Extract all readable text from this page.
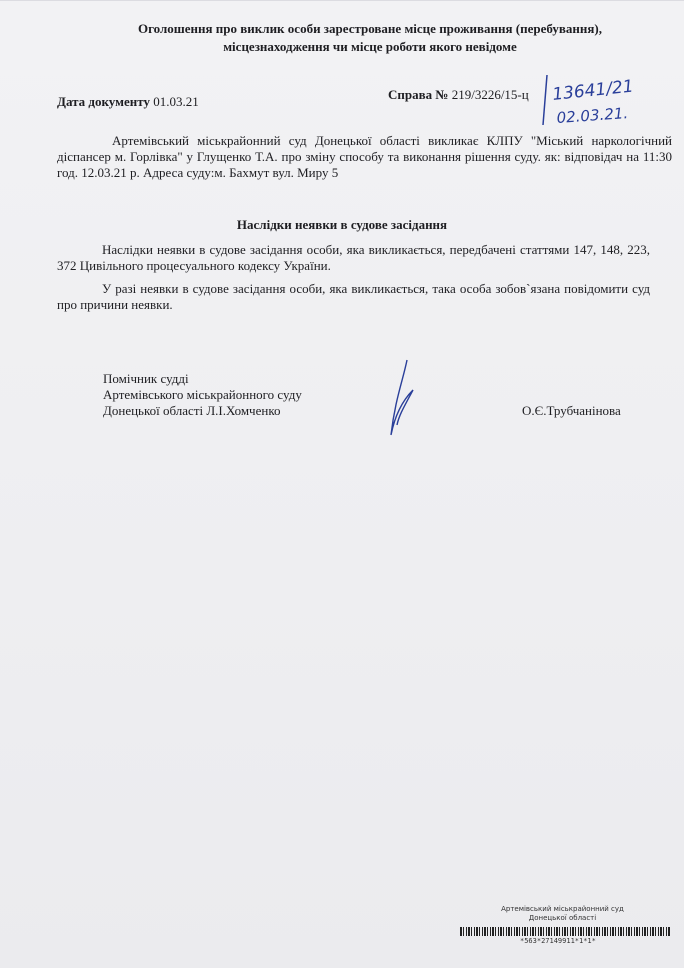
Оголошення про виклик особи зарестроване місце проживання (перебування),
місцезнаходження чи місце роботи якого невідоме
Дата документу 01.03.21	Справа № 219/3226/15-ц 13641/21
02.03.21.
Артемівський міськрайонний суд Донецької області викликає КЛПУ "Міський наркологічний діспансер м. Горлівка" у Глущенко Т.А. про зміну способу та виконання рішення суду. як: відповідач на 11:30 год. 12.03.21 р. Адреса суду:м. Бахмут вул. Миру 5
Наслідки неявки в судове засідання
Наслідки неявки в судове засідання особи, яка викликається, передбачені статтями 147, 148, 223, 372 Цивільного процесуального кодексу України.
У разі неявки в судове засідання особи, яка викликається, така особа зобов`язана повідомити суд про причини неявки.
Помічник судді
Артемівського міськрайонного суду
Донецької області Л.І.Хомченко	О.Є.Трубчанінова
Артемівський міськрайонний суд
Донецької області
*563*27149911*1*1*
